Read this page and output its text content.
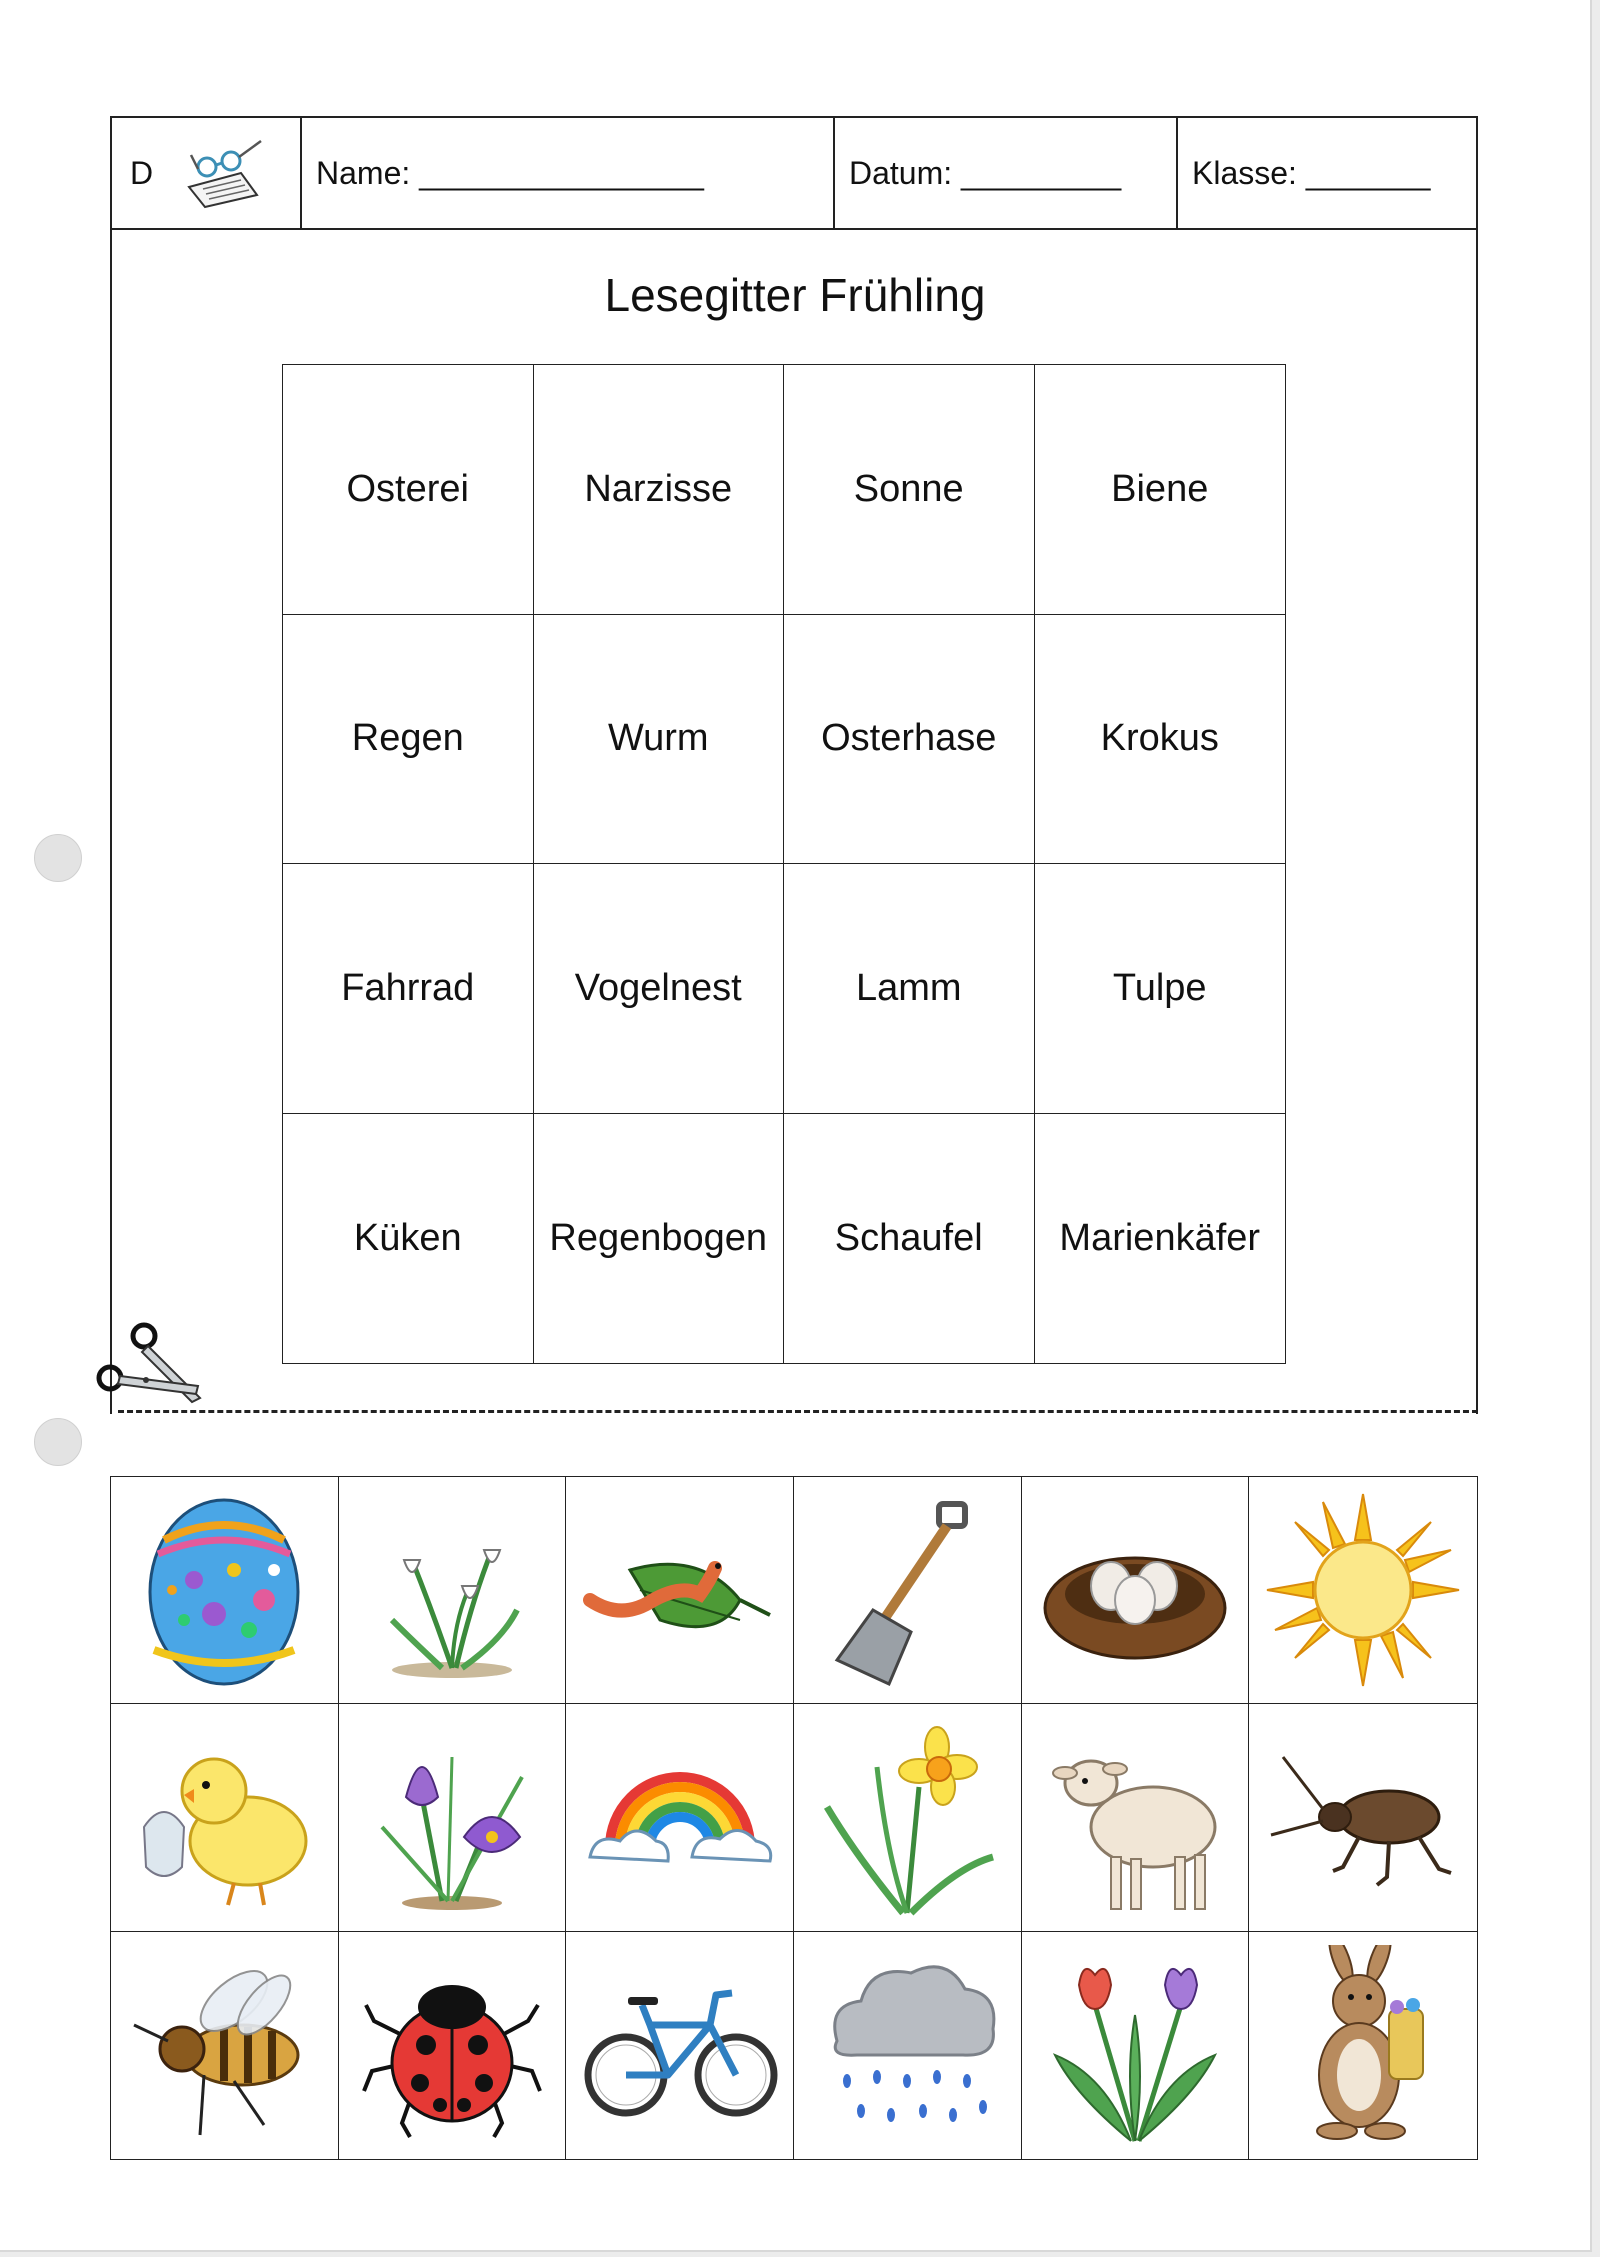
D	Name: ________________	Datum: _________ Klasse: _______
Lesegitter Frühling
Osterei	Narzisse	Sonne	Biene
Regen	Wurm	Osterhase	Krokus
Fahrrad	Vogelnest	Lamm	Tulpe
Küken	Regenbogen	Schaufel	Marienkäfer
